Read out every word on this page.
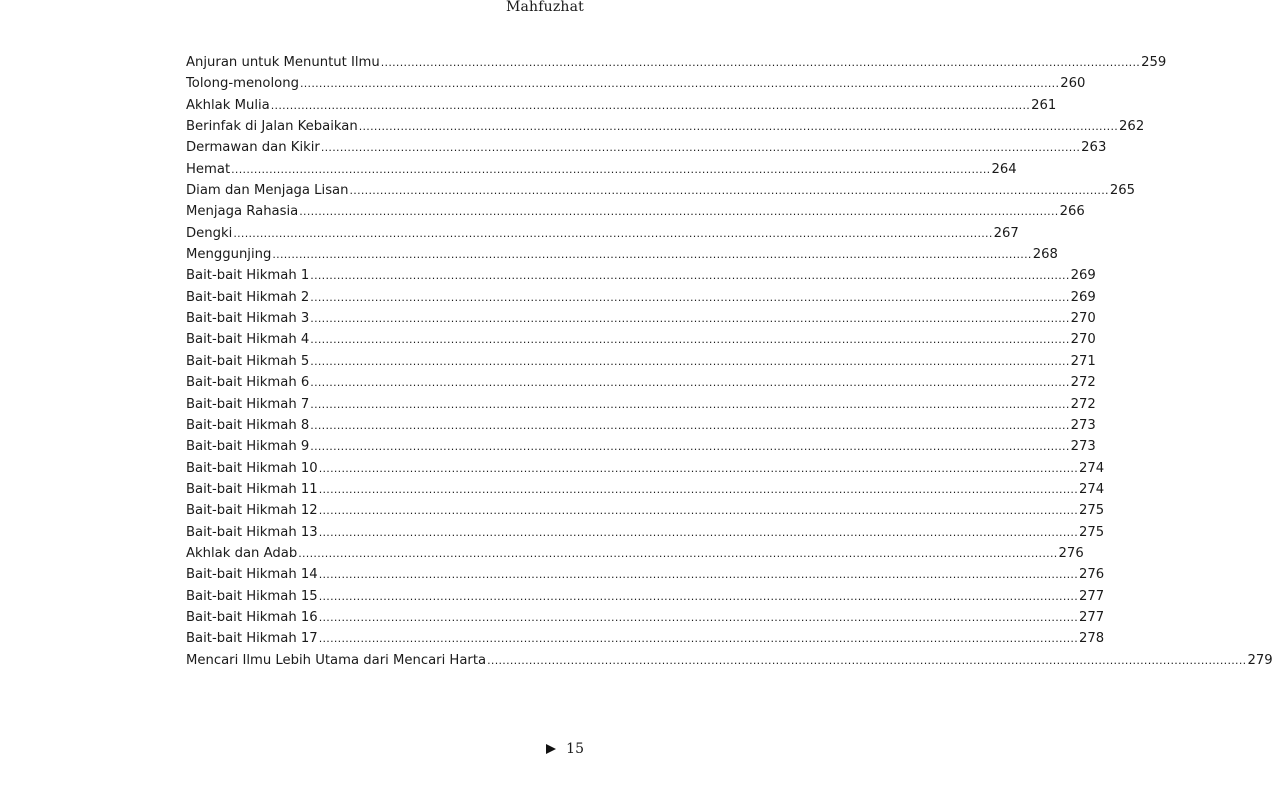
Mahfuzhat
Anjuran untuk Menuntut Ilmu ........................................................................................................................................................................................................ 259
Tolong-menolong ........................................................................................................................................................................................................ 260
Akhlak Mulia ........................................................................................................................................................................................................ 261
Berinfak di Jalan Kebaikan ........................................................................................................................................................................................................ 262
Dermawan dan Kikir ........................................................................................................................................................................................................ 263
Hemat ........................................................................................................................................................................................................ 264
Diam dan Menjaga Lisan ........................................................................................................................................................................................................ 265
Menjaga Rahasia ........................................................................................................................................................................................................ 266
Dengki ........................................................................................................................................................................................................ 267
Menggunjing ........................................................................................................................................................................................................ 268
Bait-bait Hikmah 1 ........................................................................................................................................................................................................ 269
Bait-bait Hikmah 2 ........................................................................................................................................................................................................ 269
Bait-bait Hikmah 3 ........................................................................................................................................................................................................ 270
Bait-bait Hikmah 4 ........................................................................................................................................................................................................ 270
Bait-bait Hikmah 5 ........................................................................................................................................................................................................ 271
Bait-bait Hikmah 6 ........................................................................................................................................................................................................ 272
Bait-bait Hikmah 7 ........................................................................................................................................................................................................ 272
Bait-bait Hikmah 8 ........................................................................................................................................................................................................ 273
Bait-bait Hikmah 9 ........................................................................................................................................................................................................ 273
Bait-bait Hikmah 10 ........................................................................................................................................................................................................ 274
Bait-bait Hikmah 11 ........................................................................................................................................................................................................ 274
Bait-bait Hikmah 12 ........................................................................................................................................................................................................ 275
Bait-bait Hikmah 13 ........................................................................................................................................................................................................ 275
Akhlak dan Adab ........................................................................................................................................................................................................ 276
Bait-bait Hikmah 14 ........................................................................................................................................................................................................ 276
Bait-bait Hikmah 15 ........................................................................................................................................................................................................ 277
Bait-bait Hikmah 16 ........................................................................................................................................................................................................ 277
Bait-bait Hikmah 17 ........................................................................................................................................................................................................ 278
Mencari Ilmu Lebih Utama dari Mencari Harta ........................................................................................................................................................................................................ 279
15
